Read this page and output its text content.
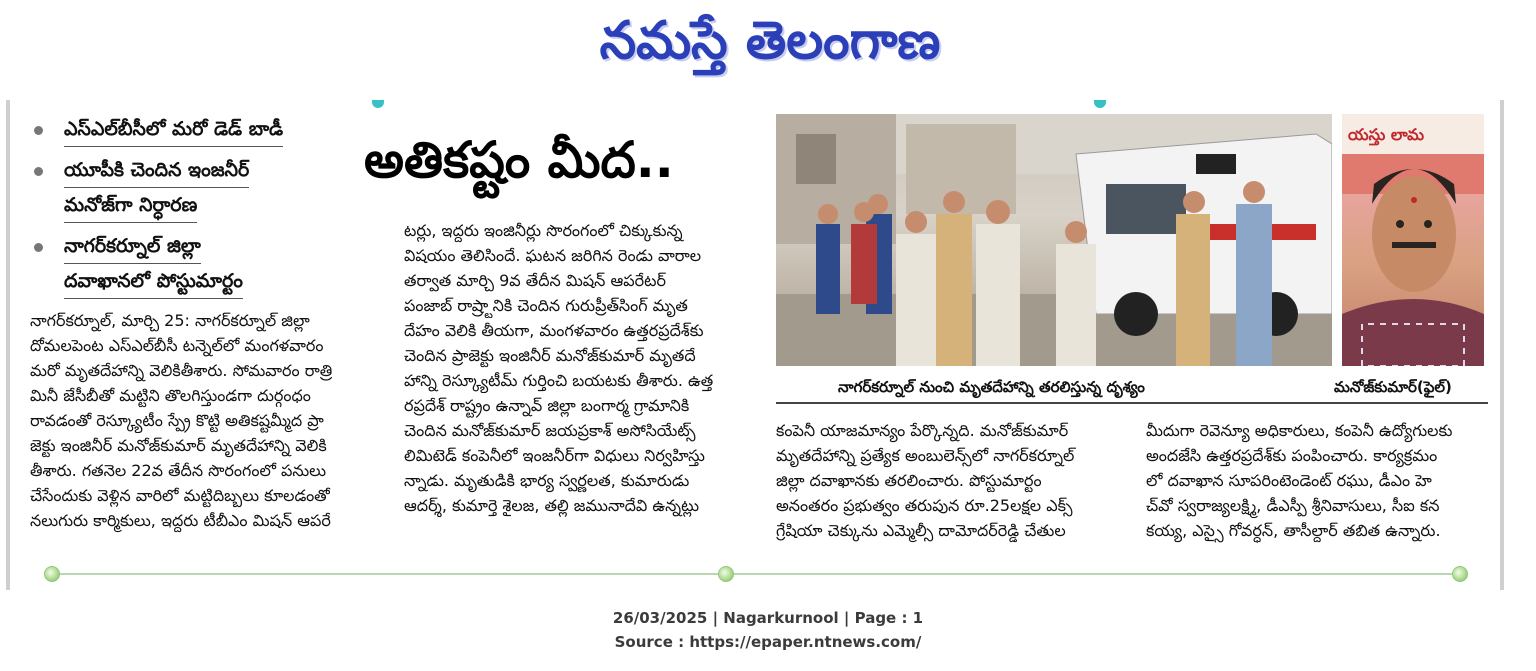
నమస్తే తెలంగాణ
ఎస్‌ఎల్‌బీసీలో మరో డెడ్ బాడీ
యూపీకి చెందిన ఇంజనీర్
మనోజ్‌గా నిర్ధారణ
నాగర్‌కర్నూల్ జిల్లా
దవాఖానలో పోస్టుమార్టం
అతికష్టం మీద..
నాగర్‌కర్నూల్, మార్చి 25: నాగర్‌కర్నూల్ జిల్లా
దోమలపెంట ఎస్‌ఎల్‌బీసీ టన్నెల్‌లో మంగళవారం
మరో మృతదేహాన్ని వెలికితీశారు. సోమవారం రాత్రి
మినీ జేసీబీతో మట్టిని తొలగిస్తుండగా దుర్గంధం
రావడంతో రెస్క్యూటీం స్ప్రే కొట్టి అతికష్టమ్మీద ప్రా
జెక్టు ఇంజినీర్ మనోజ్‌కుమార్ మృతదేహాన్ని వెలికి
తీశారు. గతనెల 22వ తేదీన సొరంగంలో పనులు
చేసేందుకు వెళ్లిన వారిలో మట్టిదిబ్బలు కూలడంతో
నలుగురు కార్మికులు, ఇద్దరు టీబీఎం మిషన్ ఆపరే
టర్లు, ఇద్దరు ఇంజినీర్లు సొరంగంలో చిక్కుకున్న
విషయం తెలిసిందే. ఘటన జరిగిన రెండు వారాల
తర్వాత మార్చి 9వ తేదీన మిషన్ ఆపరేటర్
పంజాబ్ రాష్ర్టానికి చెందిన గురుప్రీత్‌సింగ్ మృత
దేహం వెలికి తీయగా, మంగళవారం ఉత్తరప్రదేశ్‌కు
చెందిన ప్రాజెక్టు ఇంజినీర్ మనోజ్‌కుమార్ మృతదే
హాన్ని రెస్క్యూటీమ్ గుర్తించి బయటకు తీశారు. ఉత్త
రప్రదేశ్ రాష్ట్రం ఉన్నావ్ జిల్లా బంగార్మ గ్రామానికి
చెందిన మనోజ్‌కుమార్ జయప్రకాశ్ అసోసియేట్స్
లిమిటెడ్ కంపెనీలో ఇంజనీర్‌గా విధులు నిర్వహిస్తు
న్నాడు. మృతుడికి భార్య స్వర్ణలత, కుమారుడు
ఆదర్శ్, కుమార్తె శైలజ, తల్లి జమునాదేవి ఉన్నట్లు
యస్తు లామ
నాగర్‌కర్నూల్ నుంచి మృతదేహాన్ని తరలిస్తున్న దృశ్యం	మనోజ్‌కుమార్(ఫైల్)
కంపెనీ యాజమాన్యం పేర్కొన్నది. మనోజ్‌కుమార్
మృతదేహాన్ని ప్రత్యేక అంబులెన్స్‌లో నాగర్‌కర్నూల్
జిల్లా దవాఖానకు తరలించారు. పోస్టుమార్టం
అనంతరం ప్రభుత్వం తరుపున రూ.25లక్షల ఎక్స్
గ్రేషియా చెక్కును ఎమ్మెల్సీ దామోదర్‌రెడ్డి చేతుల
మీదుగా రెవెన్యూ అధికారులు, కంపెనీ ఉద్యోగులకు
అందజేసి ఉత్తరప్రదేశ్‌కు పంపించారు. కార్యక్రమం
లో దవాఖాన సూపరింటెండెంట్ రఘు, డీఎం హె
చ్‌వో స్వరాజ్యలక్ష్మి, డీఎస్పీ శ్రీనివాసులు, సీఐ కన
కయ్య, ఎస్సై గోవర్ధన్, తాసీల్దార్ తబిత ఉన్నారు.
26/03/2025 | Nagarkurnool | Page : 1
Source : https://epaper.ntnews.com/
